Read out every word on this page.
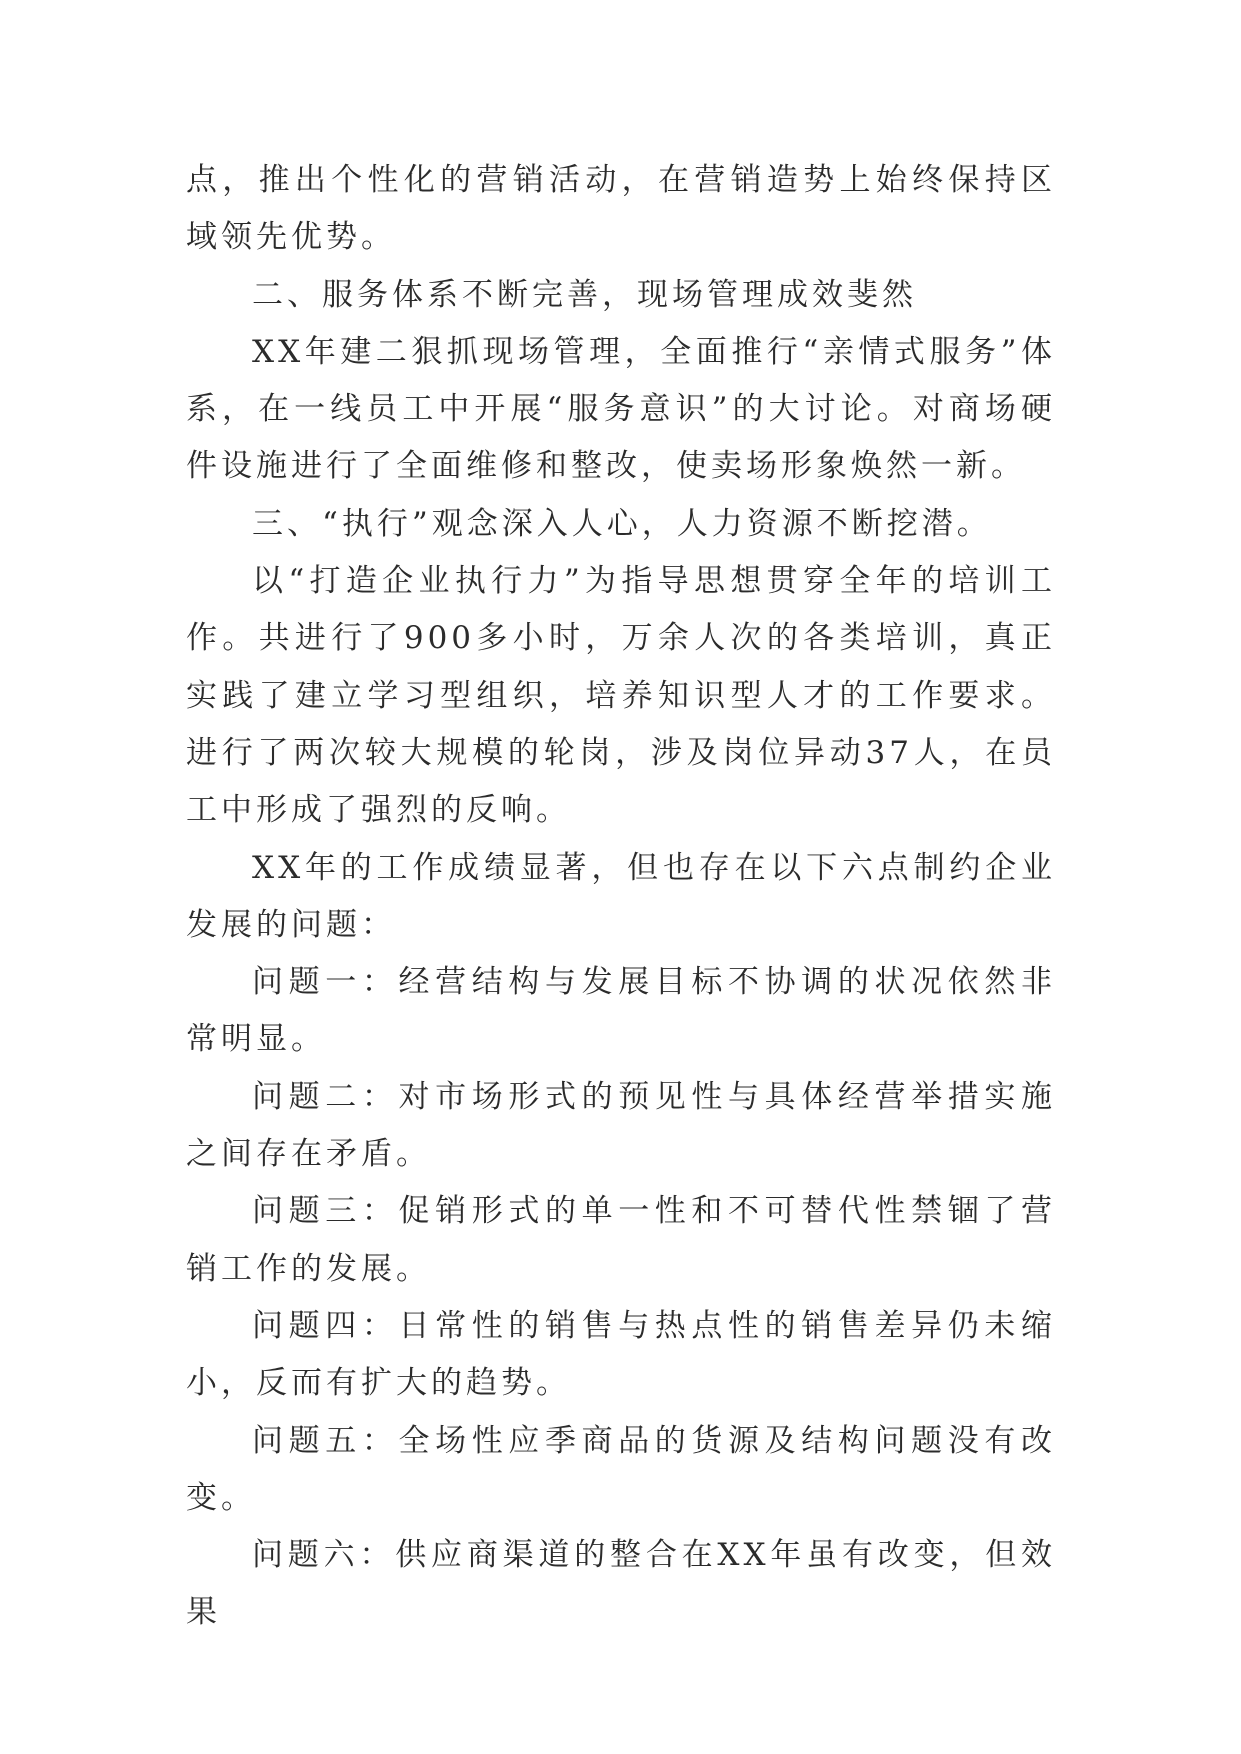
点，推出个性化的营销活动，在营销造势上始终保持区域领先优势。

二、服务体系不断完善，现场管理成效斐然

XX年建二狠抓现场管理，全面推行“亲情式服务”体系，在一线员工中开展“服务意识”的大讨论。对商场硬件设施进行了全面维修和整改，使卖场形象焕然一新。

三、“执行”观念深入人心，人力资源不断挖潜。

以“打造企业执行力”为指导思想贯穿全年的培训工作。共进行了900多小时，万余人次的各类培训，真正实践了建立学习型组织，培养知识型人才的工作要求。进行了两次较大规模的轮岗，涉及岗位异动37人，在员工中形成了强烈的反响。

XX年的工作成绩显著，但也存在以下六点制约企业发展的问题：

问题一：经营结构与发展目标不协调的状况依然非常明显。

问题二：对市场形式的预见性与具体经营举措实施之间存在矛盾。

问题三：促销形式的单一性和不可替代性禁锢了营销工作的发展。

问题四：日常性的销售与热点性的销售差异仍未缩小，反而有扩大的趋势。

问题五：全场性应季商品的货源及结构问题没有改变。

问题六：供应商渠道的整合在XX年虽有改变，但效果
